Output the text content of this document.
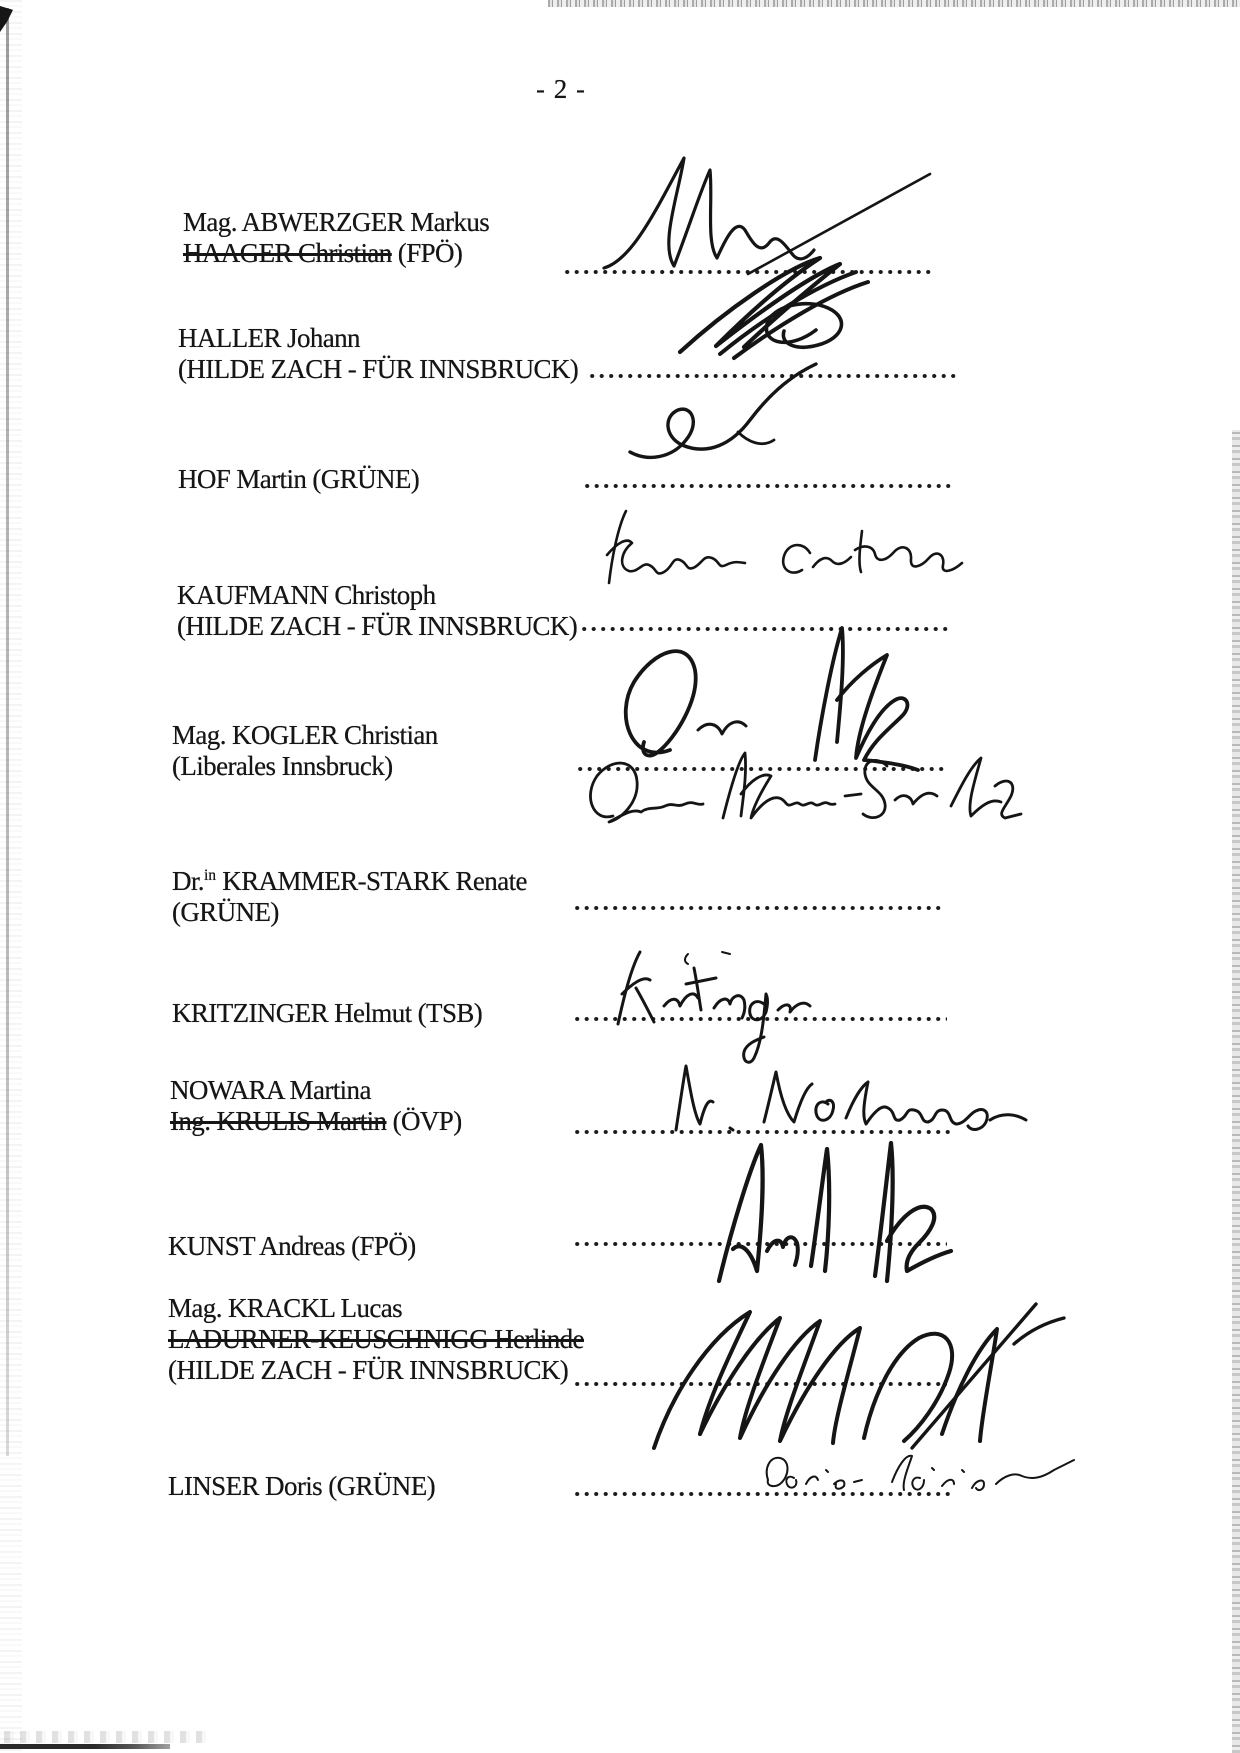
- 2 -
Mag. ABWERZGER Markus
HAAGER Christian (FPÖ)
HALLER Johann
(HILDE ZACH - FÜR INNSBRUCK)
HOF Martin (GRÜNE)
KAUFMANN Christoph
(HILDE ZACH - FÜR INNSBRUCK)
Mag. KOGLER Christian
(Liberales Innsbruck)
Dr.$^{in}$ KRAMMER-STARK Renate
(GRÜNE)
KRITZINGER Helmut (TSB)
NOWARA Martina
Ing. KRULIS Martin (ÖVP)
KUNST Andreas (FPÖ)
Mag. KRACKL Lucas
LADURNER-KEUSCHNIGG Herlinde
(HILDE ZACH - FÜR INNSBRUCK)
LINSER Doris (GRÜNE)
